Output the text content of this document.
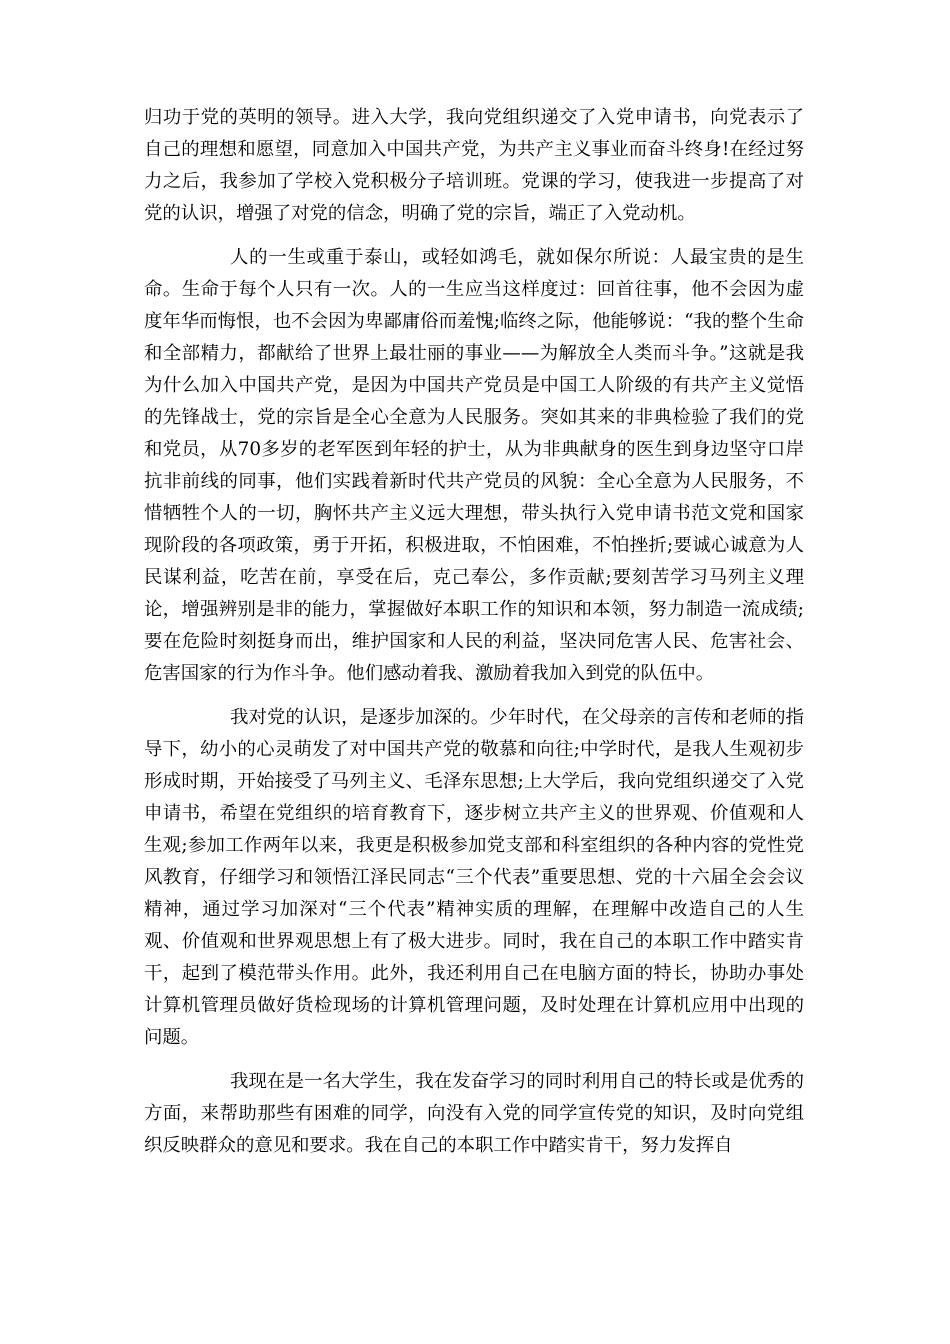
归功于党的英明的领导。进入大学，我向党组织递交了入党申请书，向党表示了自己的理想和愿望，同意加入中国共产党，为共产主义事业而奋斗终身!在经过努力之后，我参加了学校入党积极分子培训班。党课的学习，使我进一步提高了对党的认识，增强了对党的信念，明确了党的宗旨，端正了入党动机。

人的一生或重于泰山，或轻如鸿毛，就如保尔所说：人最宝贵的是生命。生命于每个人只有一次。人的一生应当这样度过：回首往事，他不会因为虚度年华而悔恨，也不会因为卑鄙庸俗而羞愧;临终之际，他能够说：“我的整个生命和全部精力，都献给了世界上最壮丽的事业——为解放全人类而斗争。”这就是我为什么加入中国共产党，是因为中国共产党员是中国工人阶级的有共产主义觉悟的先锋战士，党的宗旨是全心全意为人民服务。突如其来的非典检验了我们的党和党员，从70多岁的老军医到年轻的护士，从为非典献身的医生到身边坚守口岸抗非前线的同事，他们实践着新时代共产党员的风貌：全心全意为人民服务，不惜牺牲个人的一切，胸怀共产主义远大理想，带头执行入党申请书范文党和国家现阶段的各项政策，勇于开拓，积极进取，不怕困难，不怕挫折;要诚心诚意为人民谋利益，吃苦在前，享受在后，克己奉公，多作贡献;要刻苦学习马列主义理论，增强辨别是非的能力，掌握做好本职工作的知识和本领，努力制造一流成绩;要在危险时刻挺身而出，维护国家和人民的利益，坚决同危害人民、危害社会、危害国家的行为作斗争。他们感动着我、激励着我加入到党的队伍中。

我对党的认识，是逐步加深的。少年时代，在父母亲的言传和老师的指导下，幼小的心灵萌发了对中国共产党的敬慕和向往;中学时代，是我人生观初步形成时期，开始接受了马列主义、毛泽东思想;上大学后，我向党组织递交了入党申请书，希望在党组织的培育教育下，逐步树立共产主义的世界观、价值观和人生观;参加工作两年以来，我更是积极参加党支部和科室组织的各种内容的党性党风教育，仔细学习和领悟江泽民同志“三个代表”重要思想、党的十六届全会会议精神，通过学习加深对“三个代表”精神实质的理解，在理解中改造自己的人生观、价值观和世界观思想上有了极大进步。同时，我在自己的本职工作中踏实肯干，起到了模范带头作用。此外，我还利用自己在电脑方面的特长，协助办事处计算机管理员做好货检现场的计算机管理问题，及时处理在计算机应用中出现的问题。

我现在是一名大学生，我在发奋学习的同时利用自己的特长或是优秀的方面，来帮助那些有困难的同学，向没有入党的同学宣传党的知识，及时向党组织反映群众的意见和要求。我在自己的本职工作中踏实肯干，努力发挥自
